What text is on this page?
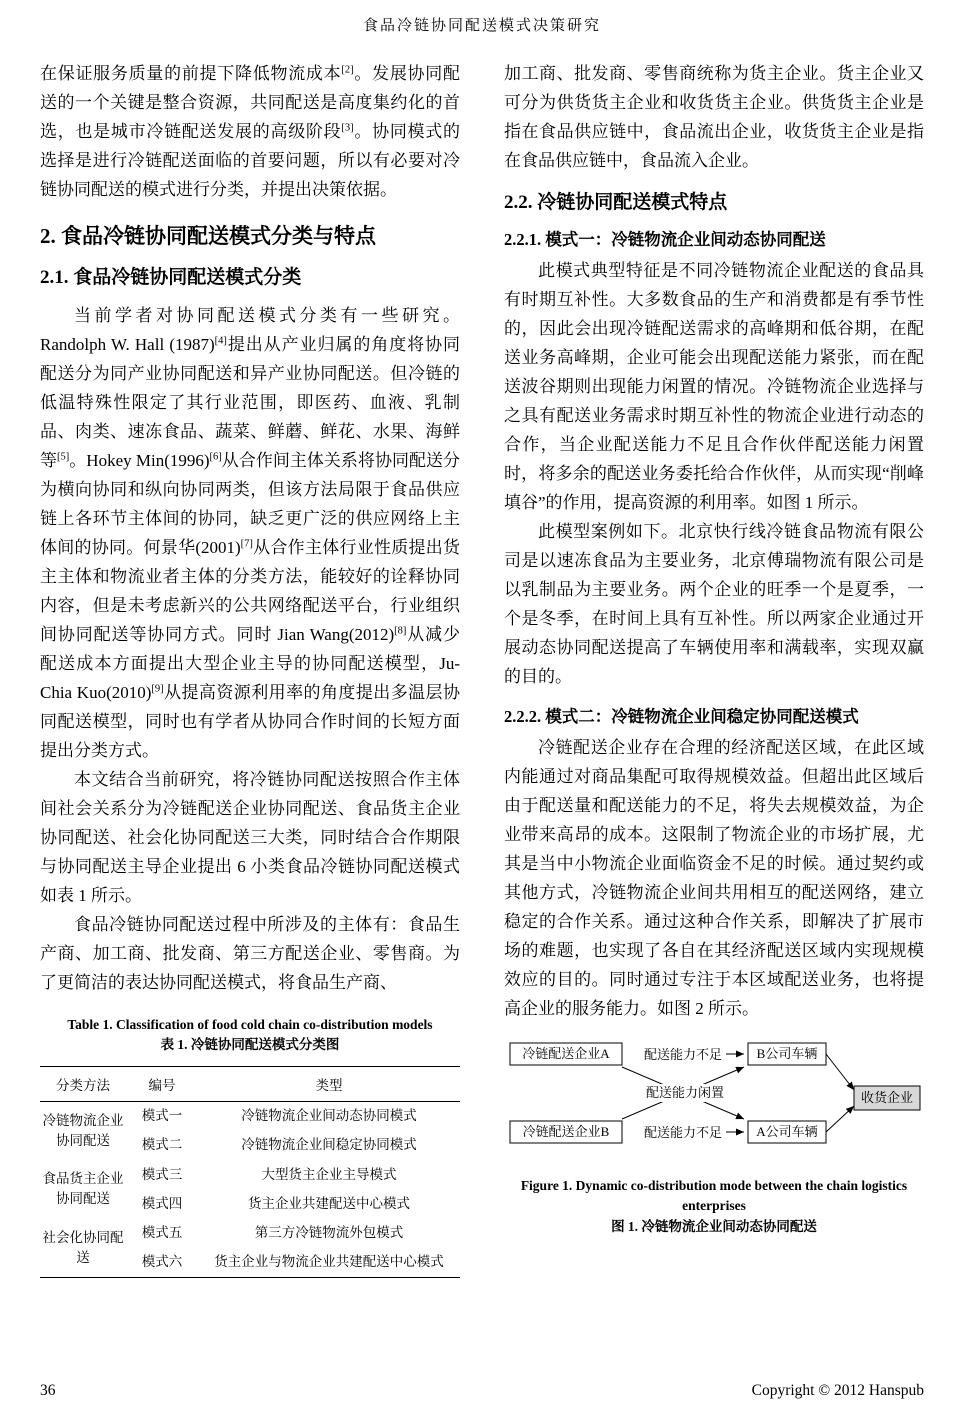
食品冷链协同配送模式决策研究

在保证服务质量的前提下降低物流成本[2]。发展协同配送的一个关键是整合资源，共同配送是高度集约化的首选，也是城市冷链配送发展的高级阶段[3]。协同模式的选择是进行冷链配送面临的首要问题，所以有必要对冷链协同配送的模式进行分类，并提出决策依据。

2. 食品冷链协同配送模式分类与特点
2.1. 食品冷链协同配送模式分类

当前学者对协同配送模式分类有一些研究。Randolph W. Hall (1987)[4]提出从产业归属的角度将协同配送分为同产业协同配送和异产业协同配送。但冷链的低温特殊性限定了其行业范围，即医药、血液、乳制品、肉类、速冻食品、蔬菜、鲜蘑、鲜花、水果、海鲜等[5]。Hokey Min(1996)[6]从合作间主体关系将协同配送分为横向协同和纵向协同两类，但该方法局限于食品供应链上各环节主体间的协同，缺乏更广泛的供应网络上主体间的协同。何景华(2001)[7]从合作主体行业性质提出货主主体和物流业者主体的分类方法，能较好的诠释协同内容，但是未考虑新兴的公共网络配送平台，行业组织间协同配送等协同方式。同时 Jian Wang(2012)[8]从减少配送成本方面提出大型企业主导的协同配送模型，Ju-Chia Kuo(2010)[9]从提高资源利用率的角度提出多温层协同配送模型，同时也有学者从协同合作时间的长短方面提出分类方式。

本文结合当前研究，将冷链协同配送按照合作主体间社会关系分为冷链配送企业协同配送、食品货主企业协同配送、社会化协同配送三大类，同时结合合作期限与协同配送主导企业提出 6 小类食品冷链协同配送模式如表 1 所示。

食品冷链协同配送过程中所涉及的主体有：食品生产商、加工商、批发商、第三方配送企业、零售商。为了更简洁的表达协同配送模式，将食品生产商、

Table 1. Classification of food cold chain co-distribution models
表 1. 冷链协同配送模式分类图
分类方法	编号	类型
冷链物流企业协同配送	模式一	冷链物流企业间动态协同模式
	模式二	冷链物流企业间稳定协同模式
食品货主企业协同配送	模式三	大型货主企业主导模式
	模式四	货主企业共建配送中心模式
社会化协同配送	模式五	第三方冷链物流外包模式
	模式六	货主企业与物流企业共建配送中心模式

加工商、批发商、零售商统称为货主企业。货主企业又可分为供货货主企业和收货货主企业。供货货主企业是指在食品供应链中，食品流出企业，收货货主企业是指在食品供应链中，食品流入企业。

2.2. 冷链协同配送模式特点
2.2.1. 模式一：冷链物流企业间动态协同配送

此模式典型特征是不同冷链物流企业配送的食品具有时期互补性。大多数食品的生产和消费都是有季节性的，因此会出现冷链配送需求的高峰期和低谷期，在配送业务高峰期，企业可能会出现配送能力紧张，而在配送波谷期则出现能力闲置的情况。冷链物流企业选择与之具有配送业务需求时期互补性的物流企业进行动态的合作，当企业配送能力不足且合作伙伴配送能力闲置时，将多余的配送业务委托给合作伙伴，从而实现“削峰填谷”的作用，提高资源的利用率。如图 1 所示。

此模型案例如下。北京快行线冷链食品物流有限公司是以速冻食品为主要业务，北京傅瑞物流有限公司是以乳制品为主要业务。两个企业的旺季一个是夏季，一个是冬季，在时间上具有互补性。所以两家企业通过开展动态协同配送提高了车辆使用率和满载率，实现双赢的目的。

2.2.2. 模式二：冷链物流企业间稳定协同配送模式

冷链配送企业存在合理的经济配送区域，在此区域内能通过对商品集配可取得规模效益。但超出此区域后由于配送量和配送能力的不足，将失去规模效益，为企业带来高昂的成本。这限制了物流企业的市场扩展，尤其是当中小物流企业面临资金不足的时候。通过契约或其他方式，冷链物流企业间共用相互的配送网络，建立稳定的合作关系。通过这种合作关系，即解决了扩展市场的难题，也实现了各自在其经济配送区域内实现规模效应的目的。同时通过专注于本区域配送业务，也将提高企业的服务能力。如图 2 所示。

配送能力闲置
冷链配送企业A	配送能力不足	B公司车辆
冷链配送企业B	配送能力不足	A公司车辆
收货企业
Figure 1. Dynamic co-distribution mode between the chain logistics enterprises
图 1. 冷链物流企业间动态协同配送
36	Copyright © 2012 Hanspub
